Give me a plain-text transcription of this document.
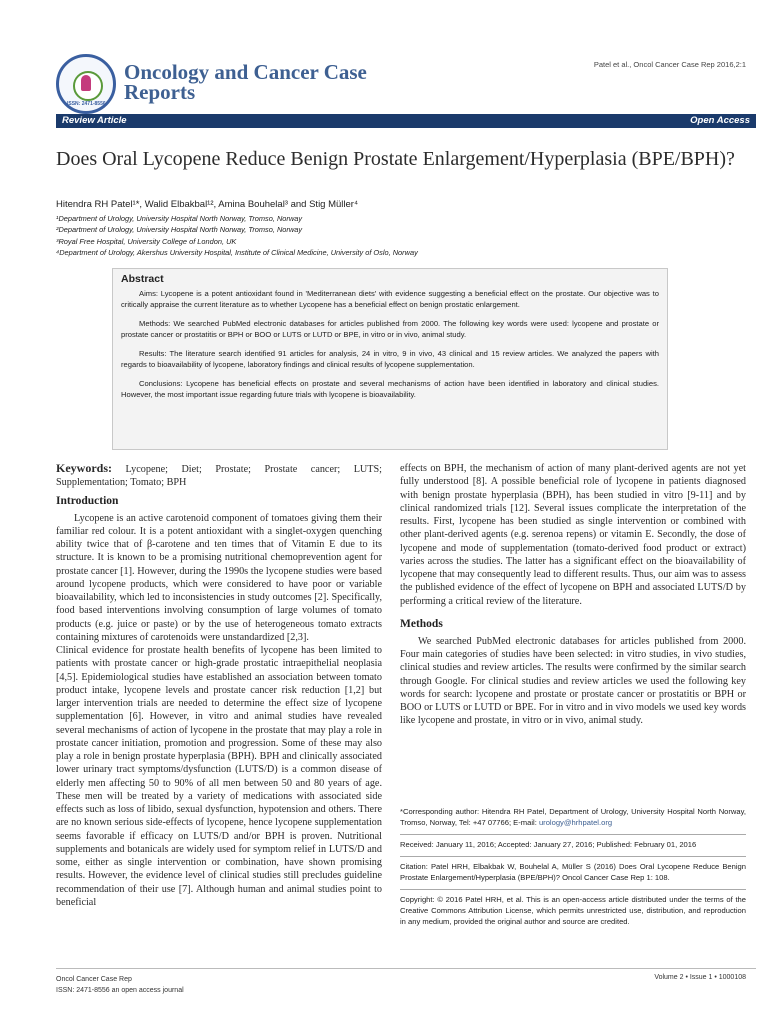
ISSN: 2471-8556
Oncology and Cancer Case
Reports
Patel et al., Oncol Cancer Case Rep 2016,2:1
Review Article	Open Access
Does Oral Lycopene Reduce Benign Prostate Enlargement/Hyperplasia (BPE/BPH)?
Hitendra RH Patel¹*, Walid Elbakbal¹², Amina Bouhelal³ and Stig Müller⁴
¹Department of Urology, University Hospital North Norway, Tromso, Norway
²Department of Urology, University Hospital North Norway, Tromso, Norway
³Royal Free Hospital, University College of London, UK
⁴Department of Urology, Akershus University Hospital, Institute of Clinical Medicine, University of Oslo, Norway
Abstract

Aims: Lycopene is a potent antioxidant found in 'Mediterranean diets' with evidence suggesting a beneficial effect on the prostate. Our objective was to critically appraise the current literature as to whether Lycopene has a beneficial effect on benign prostatic enlargement.

Methods: We searched PubMed electronic databases for articles published from 2000. The following key words were used: lycopene and prostate or prostate cancer or prostatitis or BPH or BOO or LUTS or LUTD or BPE, in vitro or in vivo, animal study.

Results: The literature search identified 91 articles for analysis, 24 in vitro, 9 in vivo, 43 clinical and 15 review articles. We analyzed the papers with regards to bioavailability of lycopene, laboratory findings and clinical results of lycopene supplementation.

Conclusions: Lycopene has beneficial effects on prostate and several mechanisms of action have been identified in laboratory and clinical studies. However, the most important issue regarding future trials with lycopene is bioavailability.

Keywords: Lycopene; Diet; Prostate; Prostate cancer; LUTS; Supplementation; Tomato; BPH

Introduction

Lycopene is an active carotenoid component of tomatoes giving them their familiar red colour. It is a potent antioxidant with a singlet-oxygen quenching ability twice that of β-carotene and ten times that of Vitamin E due to its structure. It is known to be a promising nutritional chemoprevention agent for prostate cancer [1]. However, during the 1990s the lycopene studies were based around lycopene products, which were considered to have poor or variable bioavailability, which led to inconsistencies in study outcomes [2]. Specifically, food based interventions involving consumption of large volumes of tomato products (e.g. juice or paste) or by the use of heterogeneous tomato extracts containing mixtures of carotenoids were unstandardized [2,3].

Clinical evidence for prostate health benefits of lycopene has been limited to patients with prostate cancer or high-grade prostatic intraepithelial neoplasia [4,5]. Epidemiological studies have established an association between tomato product intake, lycopene levels and prostate cancer risk reduction [1,2] but larger intervention trials are needed to determine the effect size of lycopene supplementation [6]. However, in vitro and animal studies have revealed several mechanisms of action of lycopene in the prostate that may play a role in prostate cancer initiation, promotion and progression. Some of these may also play a role in benign prostate hyperplasia (BPH). BPH and clinically associated lower urinary tract symptoms/dysfunction (LUTS/D) is a common disease of elderly men affecting 50 to 90% of all men between 50 and 80 years of age. These men will be treated by a variety of medications with associated side effects such as loss of libido, sexual dysfunction, hypotension and others. There are no known serious side-effects of lycopene, hence lycopene supplementation seems favorable if efficacy on LUTS/D and/or BPH is proven. Nutritional supplements and botanicals are widely used for symptom relief in LUTS/D and some, either as single intervention or combination, have shown promising results. However, the evidence level of clinical studies still precludes guideline recommendation of their use [7]. Although human and animal studies point to beneficial

effects on BPH, the mechanism of action of many plant-derived agents are not yet fully understood [8]. A possible beneficial role of lycopene in patients diagnosed with benign prostate hyperplasia (BPH), has been studied in vitro [9-11] and by clinical randomized trials [12]. Several issues complicate the interpretation of the results. First, lycopene has been studied as single intervention or combined with other plant-derived agents (e.g. serenoa repens) or vitamin E. Secondly, the dose of lycopene and mode of supplementation (tomato-derived food product or extract) varies across the studies. The latter has a significant effect on the bioavailability of lycopene that may consequently lead to different results. Thus, our aim was to assess the published evidence of the effect of lycopene on BPH and associated LUTS/D by performing a critical review of the literature.

Methods

We searched PubMed electronic databases for articles published from 2000. Four main categories of studies have been selected: in vitro studies, in vivo studies, clinical studies and review articles. The results were confirmed by the similar search through Google. For clinical studies and review articles we used the following key words for search: lycopene and prostate or prostate cancer or prostatitis or BPH or BOO or LUTS or LUTD or BPE. For in vitro and in vivo models we used key words like lycopene and prostate, in vitro or in vivo, animal study.

*Corresponding author: Hitendra RH Patel, Department of Urology, University Hospital North Norway, Tromso, Norway, Tel: +47 07766; E-mail: urology@hrhpatel.org

Received: January 11, 2016; Accepted: January 27, 2016; Published: February 01, 2016

Citation: Patel HRH, Elbakbak W, Bouhelal A, Müller S (2016) Does Oral Lycopene Reduce Benign Prostate Enlargement/Hyperplasia (BPE/BPH)? Oncol Cancer Case Rep 1: 108.

Copyright: © 2016 Patel HRH, et al. This is an open-access article distributed under the terms of the Creative Commons Attribution License, which permits unrestricted use, distribution, and reproduction in any medium, provided the original author and source are credited.

Oncol Cancer Case Rep
ISSN: 2471-8556 an open access journal
Volume 2 • Issue 1 • 1000108
